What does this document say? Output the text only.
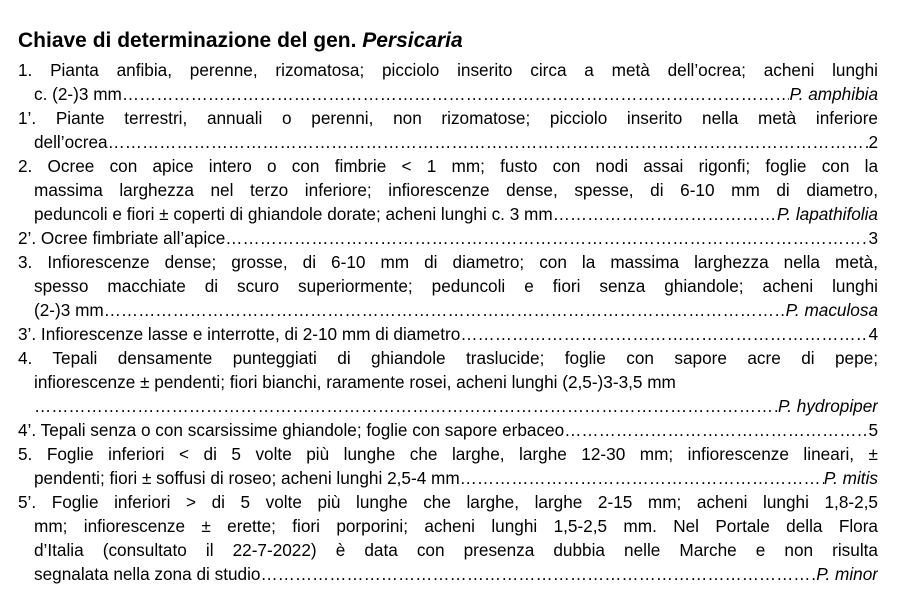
Chiave di determinazione del gen. Persicaria
1. Pianta anfibia, perenne, rizomatosa; picciolo inserito circa a metà dell’ocrea; acheni lunghi
c. (2-)3 mm …………………………………………………………………………………………………………………………………………………………………………………………………………………	P. amphibia
1’. Piante terrestri, annuali o perenni, non rizomatose; picciolo inserito nella metà inferiore
dell’ocrea …………………………………………………………………………………………………………………………………………………………………………………………………………………	2
2. Ocree con apice intero o con fimbrie < 1 mm; fusto con nodi assai rigonfi; foglie con la
massima larghezza nel terzo inferiore; infiorescenze dense, spesse, di 6-10 mm di diametro,
peduncoli e fiori ± coperti di ghiandole dorate; acheni lunghi c. 3 mm …………………………………………………………………………………………………………………………………………………………………………………………………………………	P. lapathifolia
2’. Ocree fimbriate all’apice …………………………………………………………………………………………………………………………………………………………………………………………………………………	3
3. Infiorescenze dense; grosse, di 6-10 mm di diametro; con la massima larghezza nella metà,
spesso macchiate di scuro superiormente; peduncoli e fiori senza ghiandole; acheni lunghi
(2-)3 mm …………………………………………………………………………………………………………………………………………………………………………………………………………………	P. maculosa
3’. Infiorescenze lasse e interrotte, di 2-10 mm di diametro …………………………………………………………………………………………………………………………………………………………………………………………………………………	4
4. Tepali densamente punteggiati di ghiandole traslucide; foglie con sapore acre di pepe;
infiorescenze ± pendenti; fiori bianchi, raramente rosei, acheni lunghi (2,5-)3-3,5 mm
…………………………………………………………………………………………………………………………………………………………………………………………………………………
P. hydropiper
4’. Tepali senza o con scarsissime ghiandole; foglie con sapore erbaceo …………………………………………………………………………………………………………………………………………………………………………………………………………………	5
5. Foglie inferiori < di 5 volte più lunghe che larghe, larghe 12-30 mm; infiorescenze lineari, ±
pendenti; fiori ± soffusi di roseo; acheni lunghi 2,5-4 mm …………………………………………………………………………………………………………………………………………………………………………………………………………………	P. mitis
5’. Foglie inferiori > di 5 volte più lunghe che larghe, larghe 2-15 mm; acheni lunghi 1,8-2,5
mm; infiorescenze ± erette; fiori porporini; acheni lunghi 1,5-2,5 mm. Nel Portale della Flora
d’Italia (consultato il 22-7-2022) è data con presenza dubbia nelle Marche e non risulta
segnalata nella zona di studio …………………………………………………………………………………………………………………………………………………………………………………………………………………	P. minor
